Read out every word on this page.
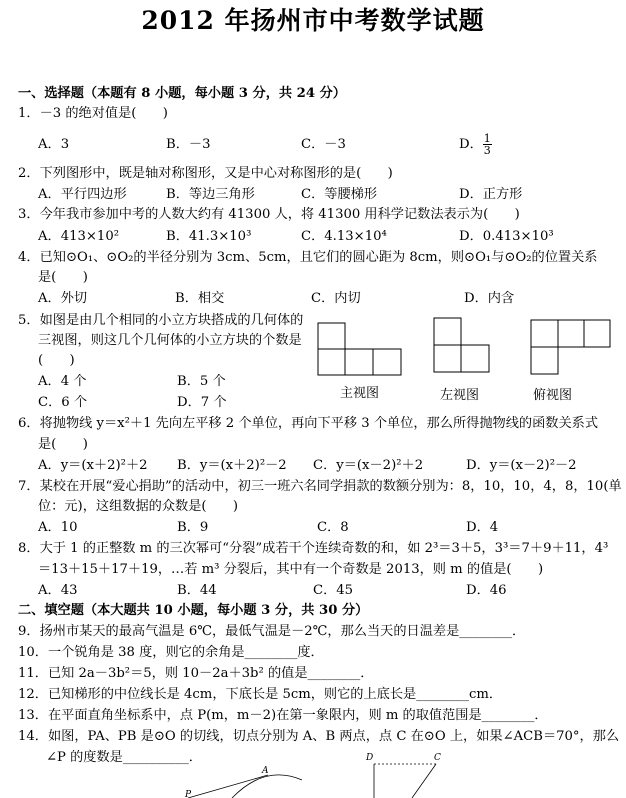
2012 年扬州市中考数学试题
一、选择题（本题有 8 小题，每小题 3 分，共 24 分）
1．－3 的绝对值是(　　)
A．3	B．－3	C．－3	D． $\frac{1}{3}$
2．下列图形中，既是轴对称图形，又是中心对称图形的是(　　)
A．平行四边形	B．等边三角形	C．等腰梯形	D．正方形
3．今年我市参加中考的人数大约有 41300 人，将 41300 用科学记数法表示为(　　)
A．413×10²	B．41.3×10³	C．4.13×10⁴	D．0.413×10³
4．已知⊙O₁、⊙O₂的半径分别为 3cm、5cm，且它们的圆心距为 8cm，则⊙O₁与⊙O₂的位置关系
是(　　)
A．外切	B．相交	C．内切	D．内含
5．如图是由几个相同的小立方块搭成的几何体的
三视图，则这几个几何体的小立方块的个数是
(　　)
A．4 个	B．5 个
C．6 个	D．7 个
主视图	左视图	俯视图
6．将抛物线 y＝x²＋1 先向左平移 2 个单位，再向下平移 3 个单位，那么所得抛物线的函数关系式
是(　　)
A．y＝(x＋2)²＋2 B．y＝(x＋2)²－2 C．y＝(x－2)²＋2	D．y＝(x－2)²－2
7．某校在开展“爱心捐助”的活动中，初三一班六名同学捐款的数额分别为：8，10，10，4，8，10(单
位：元)，这组数据的众数是(　　)
A．10	B．9	C．8	D．4
8．大于 1 的正整数 m 的三次幂可“分裂”成若干个连续奇数的和，如 2³＝3＋5，3³＝7＋9＋11，4³
＝13＋15＋17＋19，…若 m³ 分裂后，其中有一个奇数是 2013，则 m 的值是(　　)
A．43	B．44	C．45	D．46
二、填空题（本大题共 10 小题，每小题 3 分，共 30 分）
9．扬州市某天的最高气温是 6℃，最低气温是－2℃，那么当天的日温差是________．
10．一个锐角是 38 度，则它的余角是________度．
11．已知 2a－3b²＝5，则 10－2a＋3b² 的值是________．
12．已知梯形的中位线长是 4cm，下底长是 5cm，则它的上底长是________cm．
13．在平面直角坐标系中，点 P(m，m－2)在第一象限内，则 m 的取值范围是________．
14．如图，PA、PB 是⊙O 的切线，切点分别为 A、B 两点，点 C 在⊙O 上，如果∠ACB＝70°，那么
∠P 的度数是__________．
A
P
D	C
